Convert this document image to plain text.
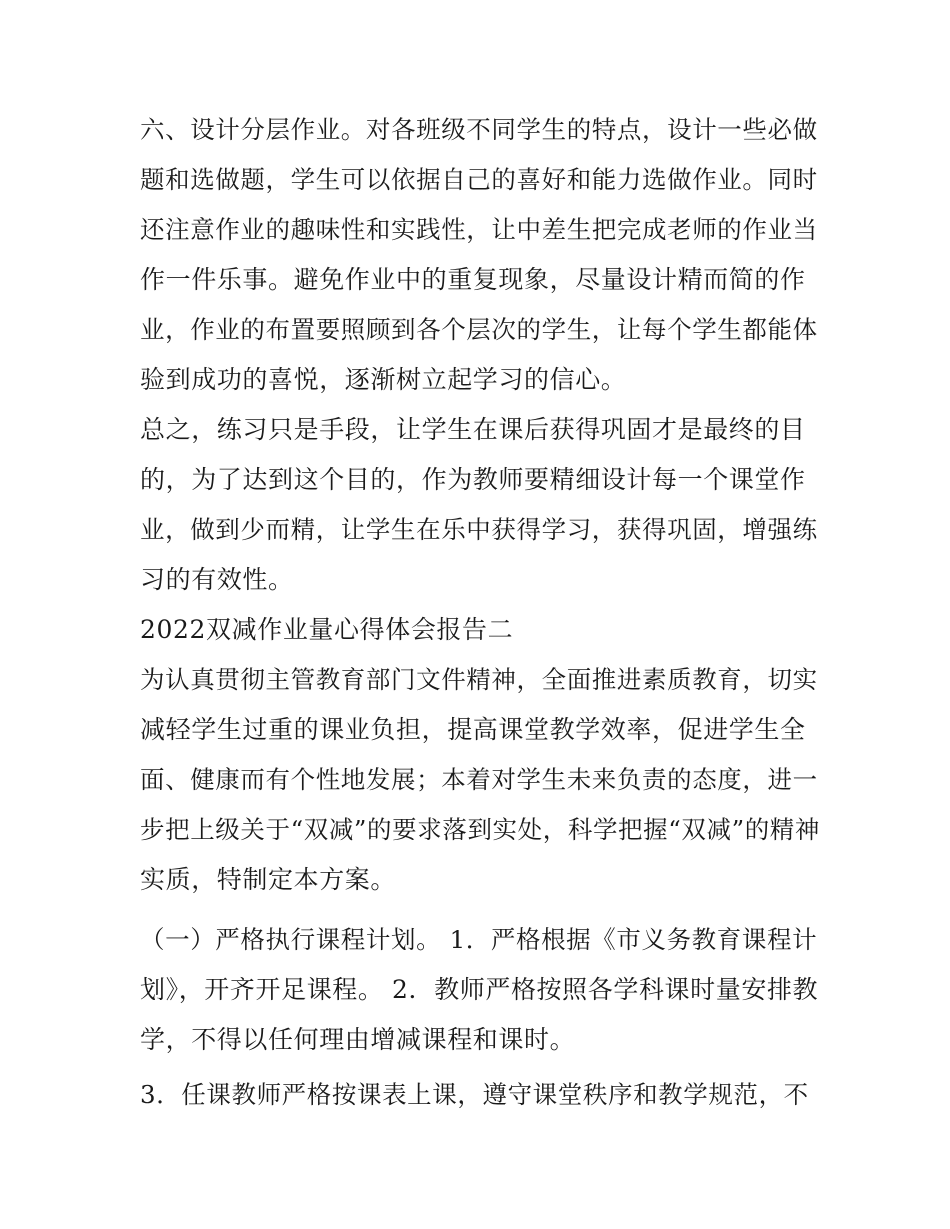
六、设计分层作业。对各班级不同学生的特点，设计一些必做
题和选做题，学生可以依据自己的喜好和能力选做作业。同时
还注意作业的趣味性和实践性，让中差生把完成老师的作业当
作一件乐事。避免作业中的重复现象，尽量设计精而简的作
业，作业的布置要照顾到各个层次的学生，让每个学生都能体
验到成功的喜悦，逐渐树立起学习的信心。
总之，练习只是手段，让学生在课后获得巩固才是最终的目
的，为了达到这个目的，作为教师要精细设计每一个课堂作
业，做到少而精，让学生在乐中获得学习，获得巩固，增强练
习的有效性。
2022双减作业量心得体会报告二
为认真贯彻主管教育部门文件精神，全面推进素质教育，切实
减轻学生过重的课业负担，提高课堂教学效率，促进学生全
面、健康而有个性地发展；本着对学生未来负责的态度，进一
步把上级关于“双减”的要求落到实处，科学把握“双减”的精神
实质，特制定本方案。
（一）严格执行课程计划。 1．严格根据《市义务教育课程计
划》，开齐开足课程。 2．教师严格按照各学科课时量安排教
学，不得以任何理由增减课程和课时。
3．任课教师严格按课表上课，遵守课堂秩序和教学规范，不
